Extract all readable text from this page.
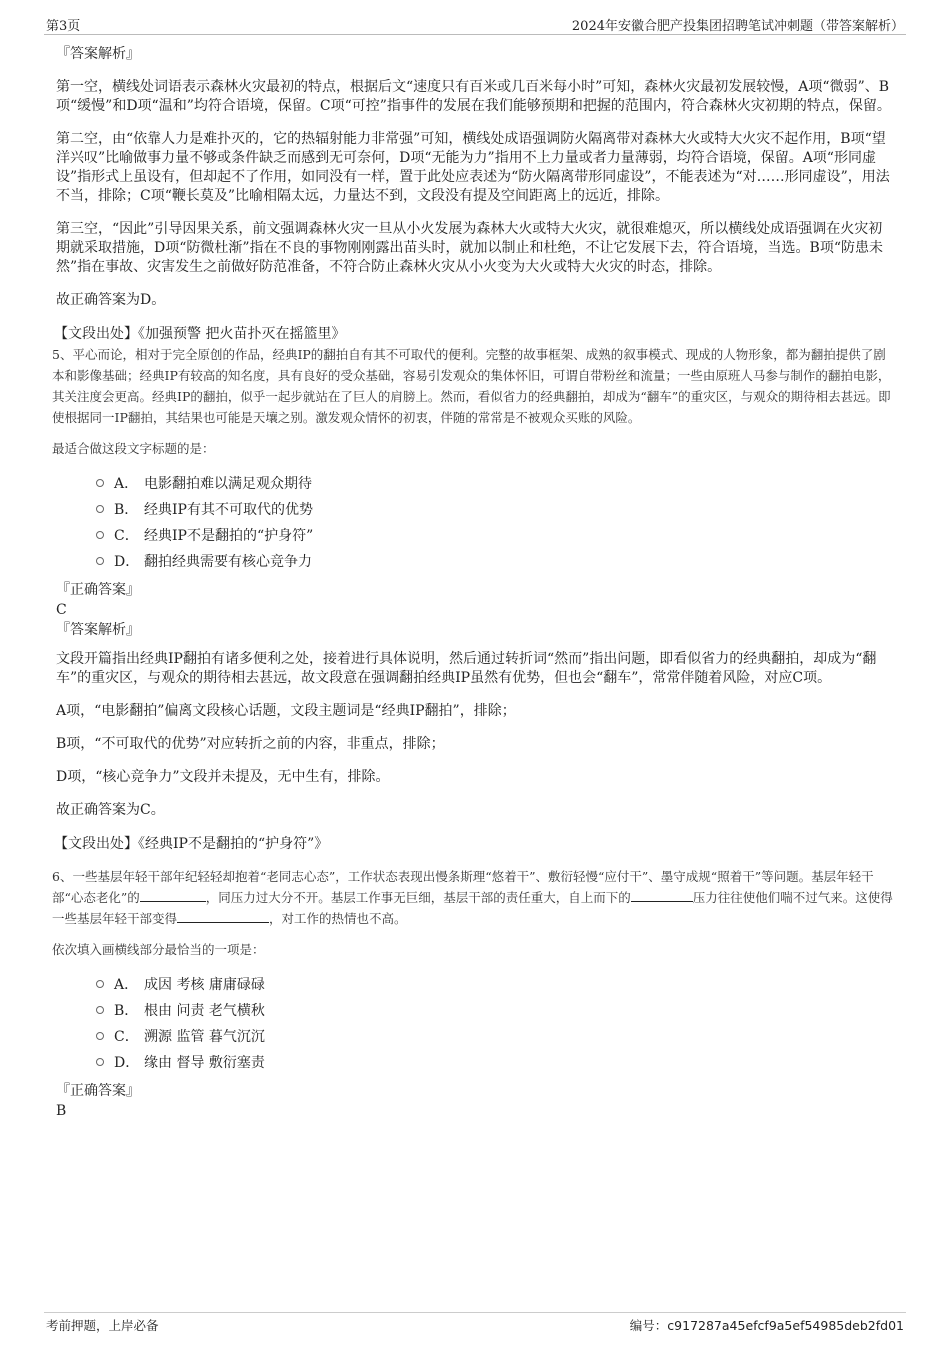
第3页	2024年安徽合肥产投集团招聘笔试冲刺题（带答案解析）

『答案解析』

第一空，横线处词语表示森林火灾最初的特点，根据后文“速度只有百米或几百米每小时”可知，森林火灾最初发展较慢，A项“微弱”、B项“缓慢”和D项“温和”均符合语境，保留。C项“可控”指事件的发展在我们能够预期和把握的范围内，符合森林火灾初期的特点，保留。

第二空，由“依靠人力是难扑灭的，它的热辐射能力非常强”可知，横线处成语强调防火隔离带对森林大火或特大火灾不起作用，B项“望洋兴叹”比喻做事力量不够或条件缺乏而感到无可奈何，D项“无能为力”指用不上力量或者力量薄弱，均符合语境，保留。A项“形同虚设”指形式上虽设有，但却起不了作用，如同没有一样，置于此处应表述为“防火隔离带形同虚设”，不能表述为“对……形同虚设”，用法不当，排除；C项“鞭长莫及”比喻相隔太远，力量达不到，文段没有提及空间距离上的远近，排除。

第三空，“因此”引导因果关系，前文强调森林火灾一旦从小火发展为森林大火或特大火灾，就很难熄灭，所以横线处成语强调在火灾初期就采取措施，D项“防微杜渐”指在不良的事物刚刚露出苗头时，就加以制止和杜绝，不让它发展下去，符合语境，当选。B项“防患未然”指在事故、灾害发生之前做好防范准备，不符合防止森林火灾从小火变为大火或特大火灾的时态，排除。

故正确答案为D。

【文段出处】《加强预警 把火苗扑灭在摇篮里》

5、平心而论，相对于完全原创的作品，经典IP的翻拍自有其不可取代的便利。完整的故事框架、成熟的叙事模式、现成的人物形象，都为翻拍提供了剧本和影像基础；经典IP有较高的知名度，具有良好的受众基础，容易引发观众的集体怀旧，可谓自带粉丝和流量；一些由原班人马参与制作的翻拍电影，其关注度会更高。经典IP的翻拍，似乎一起步就站在了巨人的肩膀上。然而，看似省力的经典翻拍，却成为“翻车”的重灾区，与观众的期待相去甚远。即使根据同一IP翻拍，其结果也可能是天壤之别。激发观众情怀的初衷，伴随的常常是不被观众买账的风险。

最适合做这段文字标题的是：

A． 电影翻拍难以满足观众期待
B． 经典IP有其不可取代的优势
C． 经典IP不是翻拍的“护身符”
D． 翻拍经典需要有核心竞争力

『正确答案』

C

『答案解析』

文段开篇指出经典IP翻拍有诸多便利之处，接着进行具体说明，然后通过转折词“然而”指出问题，即看似省力的经典翻拍，却成为“翻车”的重灾区，与观众的期待相去甚远，故文段意在强调翻拍经典IP虽然有优势，但也会“翻车”，常常伴随着风险，对应C项。

A项，“电影翻拍”偏离文段核心话题，文段主题词是“经典IP翻拍”，排除；

B项，“不可取代的优势”对应转折之前的内容，非重点，排除；

D项，“核心竞争力”文段并未提及，无中生有，排除。

故正确答案为C。

【文段出处】《经典IP不是翻拍的“护身符”》

6、一些基层年轻干部年纪轻轻却抱着“老同志心态”，工作状态表现出慢条斯理“悠着干”、敷衍轻慢“应付干”、墨守成规“照着干”等问题。基层年轻干部“心态老化”的	，同压力过大分不开。基层工作事无巨细，基层干部的责任重大，自上而下的	压力往往使他们喘不过气来。这使得一些基层年轻干部变得	，对工作的热情也不高。

依次填入画横线部分最恰当的一项是：

A． 成因 考核 庸庸碌碌
B． 根由 问责 老气横秋
C． 溯源 监管 暮气沉沉
D． 缘由 督导 敷衍塞责

『正确答案』

B

考前押题，上岸必备	编号：c917287a45efcf9a5ef54985deb2fd01
